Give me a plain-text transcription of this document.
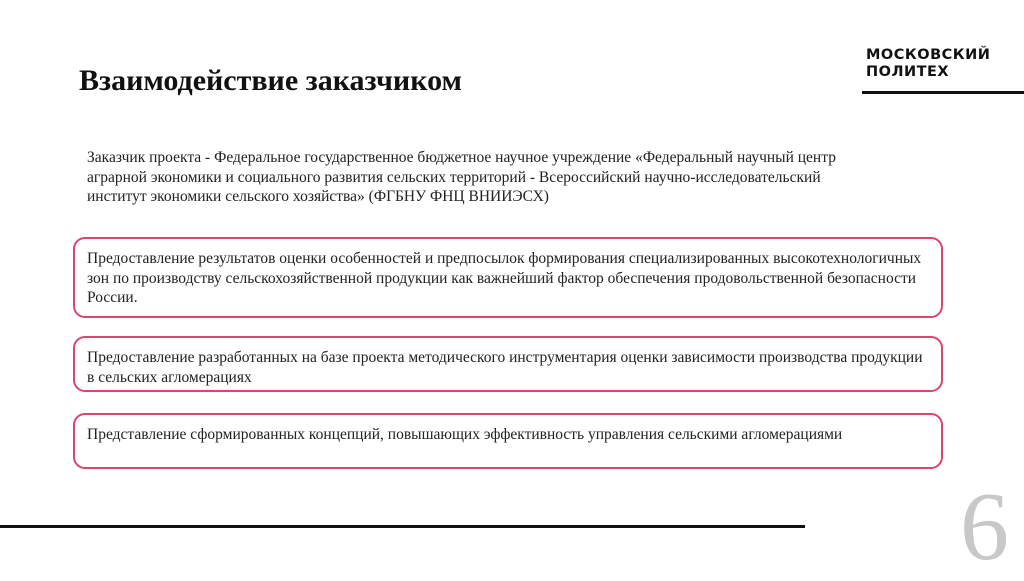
Взаимодействие заказчиком
МОСКОВСКИЙ
ПОЛИТЕХ
Заказчик проекта - Федеральное государственное бюджетное научное учреждение «Федеральный научный центр аграрной экономики и социального развития сельских территорий - Всероссийский научно-исследовательский институт экономики сельского хозяйства» (ФГБНУ ФНЦ ВНИИЭСХ)
Предоставление результатов оценки особенностей и предпосылок формирования специализированных высокотехнологичных зон по производству сельскохозяйственной продукции как важнейший фактор обеспечения продовольственной безопасности России.
Предоставление разработанных на базе проекта методического инструментария оценки зависимости производства продукции в сельских агломерациях
Представление сформированных концепций, повышающих эффективность управления сельскими агломерациями
6
